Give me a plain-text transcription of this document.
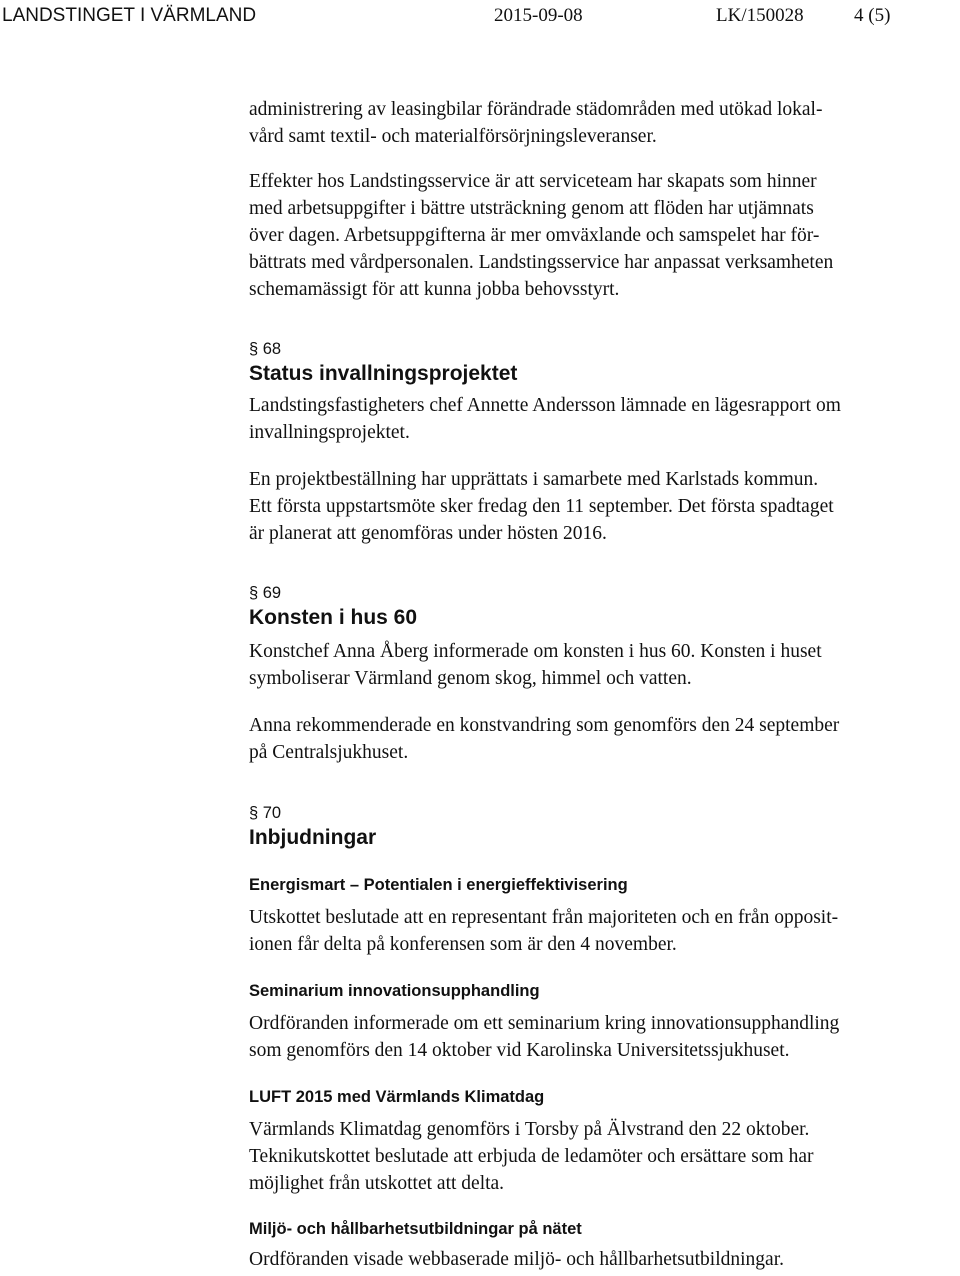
LANDSTINGET I VÄRMLAND	2015-09-08	LK/150028	4 (5)

administrering av leasingbilar förändrade städområden med utökad lokal-
vård samt textil- och materialförsörjningsleveranser.

Effekter hos Landstingsservice är att serviceteam har skapats som hinner
med arbetsuppgifter i bättre utsträckning genom att flöden har utjämnats
över dagen. Arbetsuppgifterna är mer omväxlande och samspelet har för-
bättrats med vårdpersonalen. Landstingsservice har anpassat verksamheten
schemamässigt för att kunna jobba behovsstyrt.

§ 68

Status invallningsprojektet

Landstingsfastigheters chef Annette Andersson lämnade en lägesrapport om
invallningsprojektet.

En projektbeställning har upprättats i samarbete med Karlstads kommun.
Ett första uppstartsmöte sker fredag den 11 september. Det första spadtaget
är planerat att genomföras under hösten 2016.

§ 69

Konsten i hus 60

Konstchef Anna Åberg informerade om konsten i hus 60. Konsten i huset
symboliserar Värmland genom skog, himmel och vatten.

Anna rekommenderade en konstvandring som genomförs den 24 september
på Centralsjukhuset.

§ 70

Inbjudningar
Energismart – Potentialen i energieffektivisering

Utskottet beslutade att en representant från majoriteten och en från opposit-
ionen får delta på konferensen som är den 4 november.

Seminarium innovationsupphandling

Ordföranden informerade om ett seminarium kring innovationsupphandling
som genomförs den 14 oktober vid Karolinska Universitetssjukhuset.

LUFT 2015 med Värmlands Klimatdag

Värmlands Klimatdag genomförs i Torsby på Älvstrand den 22 oktober.
Teknikutskottet beslutade att erbjuda de ledamöter och ersättare som har
möjlighet från utskottet att delta.

Miljö- och hållbarhetsutbildningar på nätet

Ordföranden visade webbaserade miljö- och hållbarhetsutbildningar.
